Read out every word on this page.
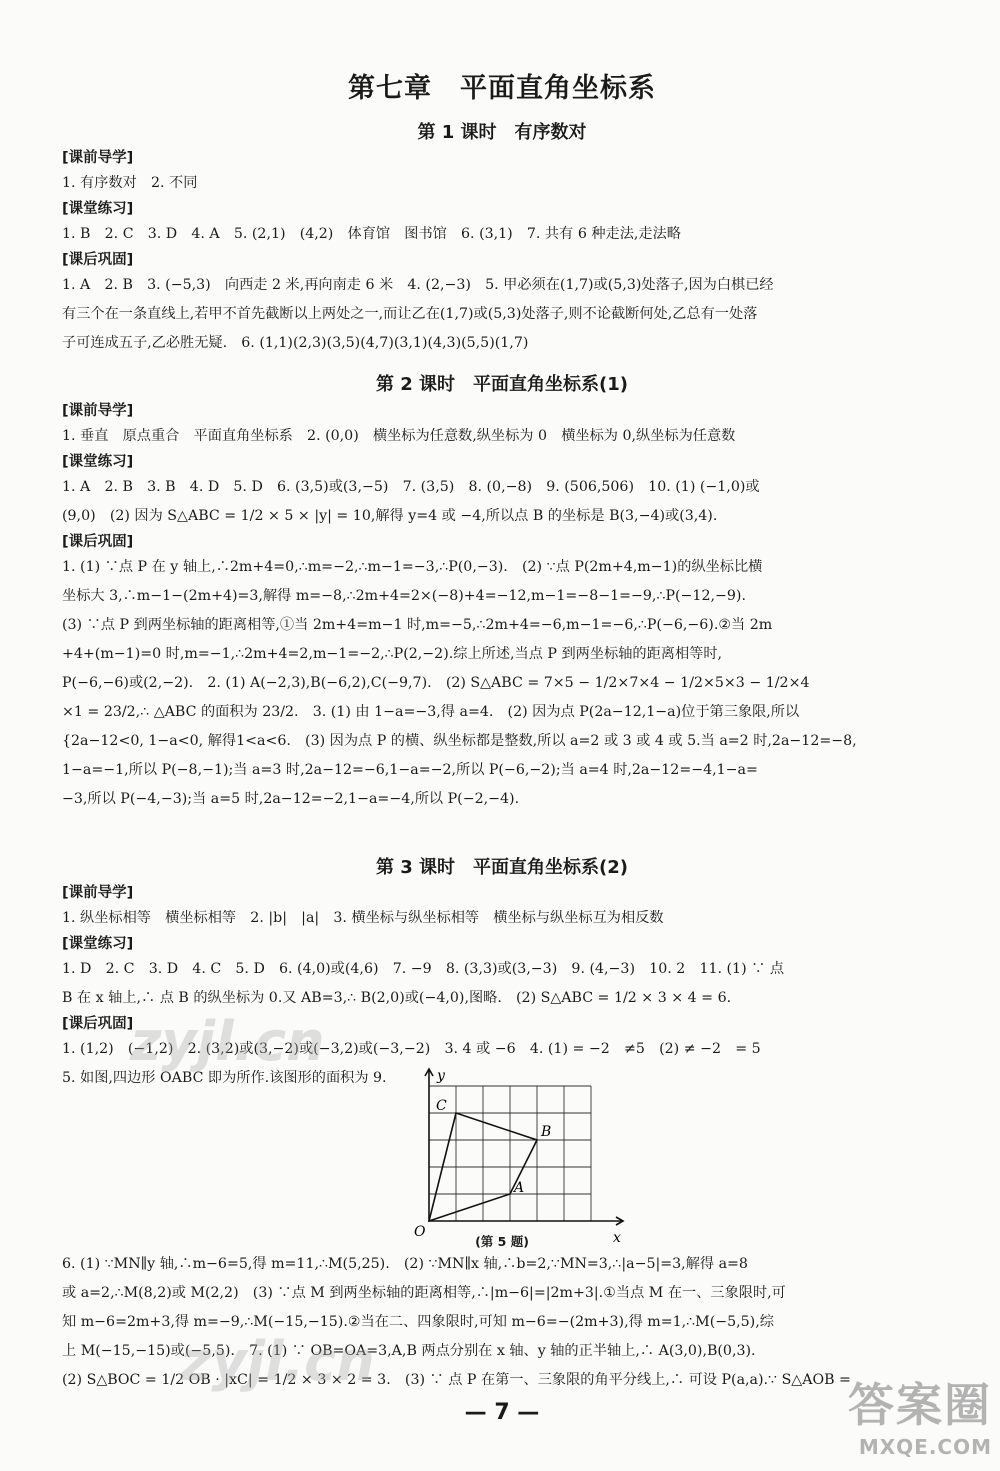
第七章　平面直角坐标系
第 1 课时　有序数对
[课前导学]
1. 有序数对　2. 不同
[课堂练习]
1. B　2. C　3. D　4. A　5. (2,1)　(4,2)　体育馆　图书馆　6. (3,1)　7. 共有 6 种走法,走法略
[课后巩固]
1. A　2. B　3. (−5,3)　向西走 2 米,再向南走 6 米　4. (2,−3)　5. 甲必须在(1,7)或(5,3)处落子,因为白棋已经
有三个在一条直线上,若甲不首先截断以上两处之一,而让乙在(1,7)或(5,3)处落子,则不论截断何处,乙总有一处落
子可连成五子,乙必胜无疑.　6. (1,1)(2,3)(3,5)(4,7)(3,1)(4,3)(5,5)(1,7)
第 2 课时　平面直角坐标系(1)
[课前导学]
1. 垂直　原点重合　平面直角坐标系　2. (0,0)　横坐标为任意数,纵坐标为 0　横坐标为 0,纵坐标为任意数
[课堂练习]
1. A　2. B　3. B　4. D　5. D　6. (3,5)或(3,−5)　7. (3,5)　8. (0,−8)　9. (506,506)　10. (1) (−1,0)或
(9,0)　(2) 因为 S△ABC = 1/2 × 5 × |y| = 10,解得 y=4 或 −4,所以点 B 的坐标是 B(3,−4)或(3,4).
[课后巩固]
1. (1) ∵点 P 在 y 轴上,∴2m+4=0,∴m=−2,∴m−1=−3,∴P(0,−3).　(2) ∵点 P(2m+4,m−1)的纵坐标比横
坐标大 3,∴m−1−(2m+4)=3,解得 m=−8,∴2m+4=2×(−8)+4=−12,m−1=−8−1=−9,∴P(−12,−9).
(3) ∵点 P 到两坐标轴的距离相等,①当 2m+4=m−1 时,m=−5,∴2m+4=−6,m−1=−6,∴P(−6,−6).②当 2m
+4+(m−1)=0 时,m=−1,∴2m+4=2,m−1=−2,∴P(2,−2).综上所述,当点 P 到两坐标轴的距离相等时,
P(−6,−6)或(2,−2).　2. (1) A(−2,3),B(−6,2),C(−9,7).　(2) S△ABC = 7×5 − 1/2×7×4 − 1/2×5×3 − 1/2×4
×1 = 23/2,∴ △ABC 的面积为 23/2.　3. (1) 由 1−a=−3,得 a=4.　(2) 因为点 P(2a−12,1−a)位于第三象限,所以
{2a−12<0, 1−a<0, 解得1<a<6.　(3) 因为点 P 的横、纵坐标都是整数,所以 a=2 或 3 或 4 或 5.当 a=2 时,2a−12=−8,
1−a=−1,所以 P(−8,−1);当 a=3 时,2a−12=−6,1−a=−2,所以 P(−6,−2);当 a=4 时,2a−12=−4,1−a=
−3,所以 P(−4,−3);当 a=5 时,2a−12=−2,1−a=−4,所以 P(−2,−4).
第 3 课时　平面直角坐标系(2)
[课前导学]
1. 纵坐标相等　横坐标相等　2. |b|　|a|　3. 横坐标与纵坐标相等　横坐标与纵坐标互为相反数
[课堂练习]
1. D　2. C　3. D　4. C　5. D　6. (4,0)或(4,6)　7. −9　8. (3,3)或(3,−3)　9. (4,−3)　10. 2　11. (1) ∵ 点
B 在 x 轴上,∴ 点 B 的纵坐标为 0.又 AB=3,∴ B(2,0)或(−4,0),图略.　(2) S△ABC = 1/2 × 3 × 4 = 6.
[课后巩固]
1. (1,2)　(−1,2)　2. (3,2)或(3,−2)或(−3,2)或(−3,−2)　3. 4 或 −6　4. (1) = −2　≠5　(2) ≠ −2　= 5
5. 如图,四边形 OABC 即为所作.该图形的面积为 9.	y
x
O
A
B
C
(第 5 题)
6. (1) ∵MN∥y 轴,∴m−6=5,得 m=11,∴M(5,25).　(2) ∵MN∥x 轴,∴b=2,∵MN=3,∴|a−5|=3,解得 a=8
或 a=2,∴M(8,2)或 M(2,2)　(3) ∵点 M 到两坐标轴的距离相等,∴|m−6|=|2m+3|.①当点 M 在一、三象限时,可
知 m−6=2m+3,得 m=−9,∴M(−15,−15).②当在二、四象限时,可知 m−6=−(2m+3),得 m=1,∴M(−5,5),综
上 M(−15,−15)或(−5,5).　7. (1) ∵ OB=OA=3,A,B 两点分别在 x 轴、y 轴的正半轴上,∴ A(3,0),B(0,3).
(2) S△BOC = 1/2 OB · |xC| = 1/2 × 3 × 2 = 3.　(3) ∵ 点 P 在第一、三象限的角平分线上,∴ 可设 P(a,a).∵ S△AOB =
— 7 —
zyjl.cn
zyjl.cn
答案圈
MXQE.COM
